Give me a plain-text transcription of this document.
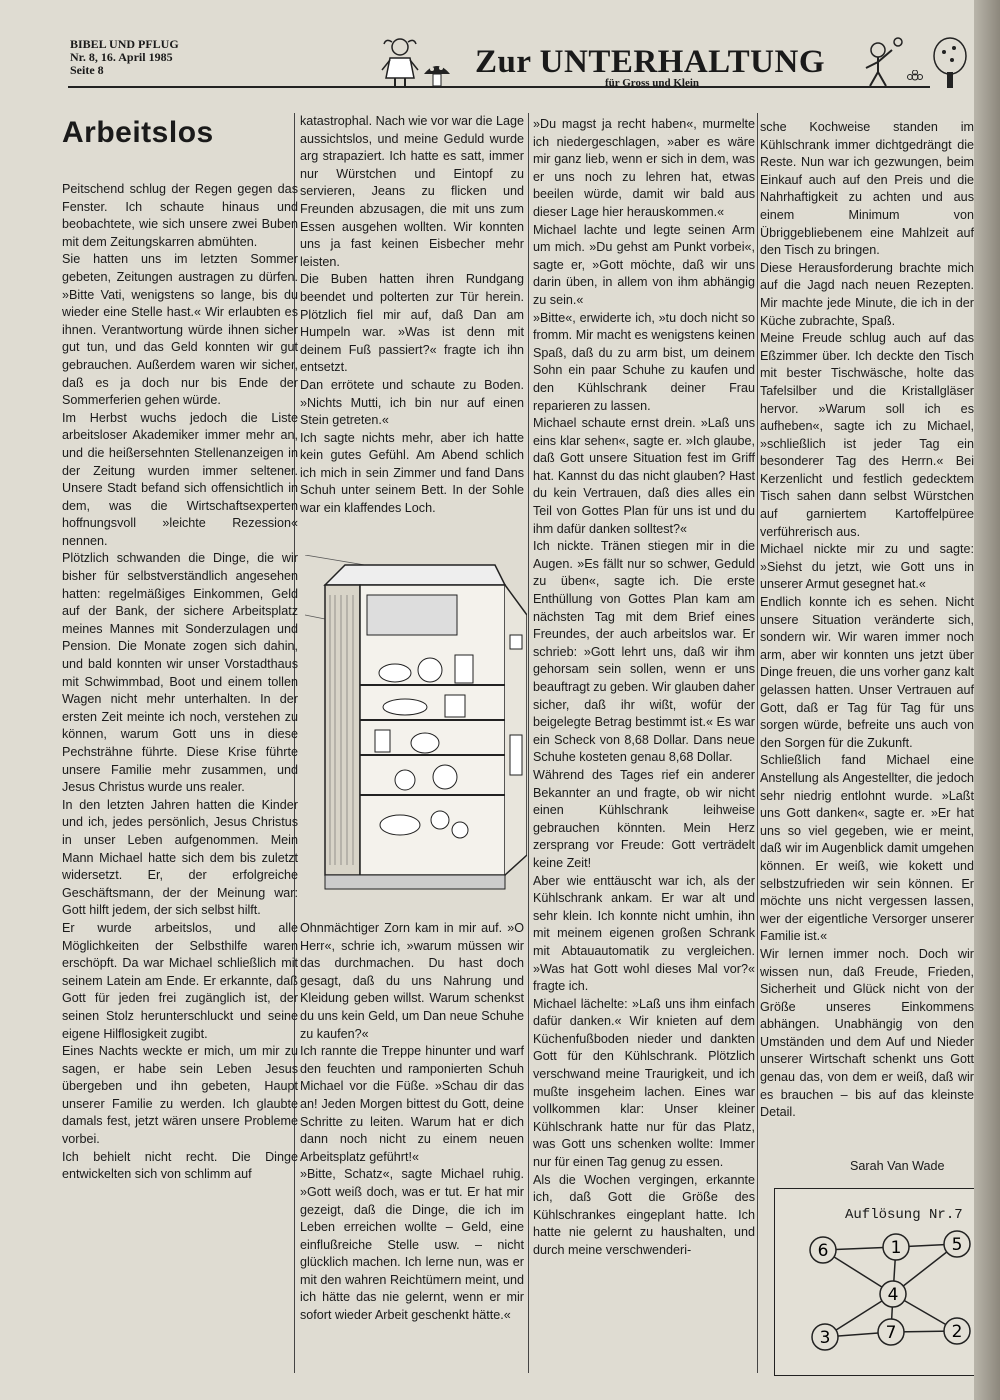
BIBEL UND PFLUG
Nr. 8, 16. April 1985
Seite 8	Zur UNTERHALTUNG
für Gross und Klein
Arbeitslos

Peitschend schlug der Regen gegen das Fenster. Ich schaute hinaus und beobachtete, wie sich unsere zwei Buben mit dem Zeitungskarren abmühten.

Sie hatten uns im letzten Sommer gebeten, Zeitungen austragen zu dürfen. »Bitte Vati, wenigstens so lange, bis du wieder eine Stelle hast.« Wir erlaubten es ihnen. Verantwortung würde ihnen sicher gut tun, und das Geld konnten wir gut gebrauchen. Außerdem waren wir sicher, daß es ja doch nur bis Ende der Sommerferien gehen würde.

Im Herbst wuchs jedoch die Liste arbeitsloser Akademiker immer mehr an, und die heißersehnten Stellenanzeigen in der Zeitung wurden immer seltener. Unsere Stadt befand sich offensichtlich in dem, was die Wirtschaftsexperten hoffnungsvoll »leichte Rezession« nennen.

Plötzlich schwanden die Dinge, die wir bisher für selbstverständlich angesehen hatten: regelmäßiges Einkommen, Geld auf der Bank, der sichere Arbeitsplatz meines Mannes mit Sonderzulagen und Pension. Die Monate zogen sich dahin, und bald konnten wir unser Vorstadthaus mit Schwimmbad, Boot und einem tollen Wagen nicht mehr unterhalten. In der ersten Zeit meinte ich noch, verstehen zu können, warum Gott uns in diese Pechsträhne führte. Diese Krise führte unsere Familie mehr zusammen, und Jesus Christus wurde uns realer.

In den letzten Jahren hatten die Kinder und ich, jedes persönlich, Jesus Christus in unser Leben aufgenommen. Mein Mann Michael hatte sich dem bis zuletzt widersetzt. Er, der erfolgreiche Geschäftsmann, der der Meinung war: Gott hilft jedem, der sich selbst hilft.

Er wurde arbeitslos, und alle Möglichkeiten der Selbsthilfe waren erschöpft. Da war Michael schließlich mit seinem Latein am Ende. Er erkannte, daß Gott für jeden frei zugänglich ist, der seinen Stolz herunterschluckt und seine eigene Hilflosigkeit zugibt.

Eines Nachts weckte er mich, um mir zu sagen, er habe sein Leben Jesus übergeben und ihn gebeten, Haupt unserer Familie zu werden. Ich glaubte damals fest, jetzt wären unsere Probleme vorbei.

Ich behielt nicht recht. Die Dinge entwickelten sich von schlimm auf

katastrophal. Nach wie vor war die Lage aussichtslos, und meine Geduld wurde arg strapaziert. Ich hatte es satt, immer nur Würstchen und Eintopf zu servieren, Jeans zu flicken und Freunden abzusagen, die mit uns zum Essen ausgehen wollten. Wir konnten uns ja fast keinen Eisbecher mehr leisten.

Die Buben hatten ihren Rundgang beendet und polterten zur Tür herein. Plötzlich fiel mir auf, daß Dan am Humpeln war. »Was ist denn mit deinem Fuß passiert?« fragte ich ihn entsetzt.

Dan errötete und schaute zu Boden. »Nichts Mutti, ich bin nur auf einen Stein getreten.«

Ich sagte nichts mehr, aber ich hatte kein gutes Gefühl. Am Abend schlich ich mich in sein Zimmer und fand Dans Schuh unter seinem Bett. In der Sohle war ein klaffendes Loch.

Ohnmächtiger Zorn kam in mir auf. »O Herr«, schrie ich, »warum müssen wir das durchmachen. Du hast doch gesagt, daß du uns Nahrung und Kleidung geben willst. Warum schenkst du uns kein Geld, um Dan neue Schuhe zu kaufen?«

Ich rannte die Treppe hinunter und warf den feuchten und ramponierten Schuh Michael vor die Füße. »Schau dir das an! Jeden Morgen bittest du Gott, deine Schritte zu leiten. Warum hat er dich dann noch nicht zu einem neuen Arbeitsplatz geführt!«

»Bitte, Schatz«, sagte Michael ruhig. »Gott weiß doch, was er tut. Er hat mir gezeigt, daß die Dinge, die ich im Leben erreichen wollte – Geld, eine einflußreiche Stelle usw. – nicht glücklich machen. Ich lerne nun, was er mit den wahren Reichtümern meint, und ich hätte das nie gelernt, wenn er mir sofort wieder Arbeit geschenkt hätte.«

»Du magst ja recht haben«, murmelte ich niedergeschlagen, »aber es wäre mir ganz lieb, wenn er sich in dem, was er uns noch zu lehren hat, etwas beeilen würde, damit wir bald aus dieser Lage hier herauskommen.«

Michael lachte und legte seinen Arm um mich. »Du gehst am Punkt vorbei«, sagte er, »Gott möchte, daß wir uns darin üben, in allem von ihm abhängig zu sein.«

»Bitte«, erwiderte ich, »tu doch nicht so fromm. Mir macht es wenigstens keinen Spaß, daß du zu arm bist, um deinem Sohn ein paar Schuhe zu kaufen und den Kühlschrank deiner Frau reparieren zu lassen.

Michael schaute ernst drein. »Laß uns eins klar sehen«, sagte er. »Ich glaube, daß Gott unsere Situation fest im Griff hat. Kannst du das nicht glauben? Hast du kein Vertrauen, daß dies alles ein Teil von Gottes Plan für uns ist und du ihm dafür danken solltest?«

Ich nickte. Tränen stiegen mir in die Augen. »Es fällt nur so schwer, Geduld zu üben«, sagte ich. Die erste Enthüllung von Gottes Plan kam am nächsten Tag mit dem Brief eines Freundes, der auch arbeitslos war. Er schrieb: »Gott lehrt uns, daß wir ihm gehorsam sein sollen, wenn er uns beauftragt zu geben. Wir glauben daher sicher, daß ihr wißt, wofür der beigelegte Betrag bestimmt ist.« Es war ein Scheck von 8,68 Dollar. Dans neue Schuhe kosteten genau 8,68 Dollar.

Während des Tages rief ein anderer Bekannter an und fragte, ob wir nicht einen Kühlschrank leihweise gebrauchen könnten. Mein Herz zersprang vor Freude: Gott verträdelt keine Zeit!

Aber wie enttäuscht war ich, als der Kühlschrank ankam. Er war alt und sehr klein. Ich konnte nicht umhin, ihn mit meinem eigenen großen Schrank mit Abtauautomatik zu vergleichen. »Was hat Gott wohl dieses Mal vor?« fragte ich.

Michael lächelte: »Laß uns ihm einfach dafür danken.« Wir knieten auf dem Küchenfußboden nieder und dankten Gott für den Kühlschrank. Plötzlich verschwand meine Traurigkeit, und ich mußte insgeheim lachen. Eines war vollkommen klar: Unser kleiner Kühlschrank hatte nur für das Platz, was Gott uns schenken wollte: Immer nur für einen Tag genug zu essen.

Als die Wochen vergingen, erkannte ich, daß Gott die Größe des Kühlschrankes eingeplant hatte. Ich hatte nie gelernt zu haushalten, und durch meine verschwenderi-

sche Kochweise standen im Kühlschrank immer dichtgedrängt die Reste. Nun war ich gezwungen, beim Einkauf auch auf den Preis und die Nahrhaftigkeit zu achten und aus einem Minimum von Übriggebliebenem eine Mahlzeit auf den Tisch zu bringen.

Diese Herausforderung brachte mich auf die Jagd nach neuen Rezepten. Mir machte jede Minute, die ich in der Küche zubrachte, Spaß.

Meine Freude schlug auch auf das Eßzimmer über. Ich deckte den Tisch mit bester Tischwäsche, holte das Tafelsilber und die Kristallgläser hervor. »Warum soll ich es aufheben«, sagte ich zu Michael, »schließlich ist jeder Tag ein besonderer Tag des Herrn.« Bei Kerzenlicht und festlich gedecktem Tisch sahen dann selbst Würstchen auf garniertem Kartoffelpüree verführerisch aus.

Michael nickte mir zu und sagte: »Siehst du jetzt, wie Gott uns in unserer Armut gesegnet hat.«

Endlich konnte ich es sehen. Nicht unsere Situation veränderte sich, sondern wir. Wir waren immer noch arm, aber wir konnten uns jetzt über Dinge freuen, die uns vorher ganz kalt gelassen hatten. Unser Vertrauen auf Gott, daß er Tag für Tag für uns sorgen würde, befreite uns auch von den Sorgen für die Zukunft.

Schließlich fand Michael eine Anstellung als Angestellter, die jedoch sehr niedrig entlohnt wurde. »Laßt uns Gott danken«, sagte er. »Er hat uns so viel gegeben, wie er meint, daß wir im Augenblick damit umgehen können. Er weiß, wie kokett und selbstzufrieden wir sein können. Er möchte uns nicht vergessen lassen, wer der eigentliche Versorger unserer Familie ist.«

Wir lernen immer noch. Doch wir wissen nun, daß Freude, Frieden, Sicherheit und Glück nicht von der Größe unseres Einkommens abhängen. Unabhängig von den Umständen und dem Auf und Nieder unserer Wirtschaft schenkt uns Gott genau das, von dem er weiß, daß wir es brauchen – bis auf das kleinste Detail.

Sarah Van Wade
Auflösung Nr.7
6	1	5
4
3	7	2
